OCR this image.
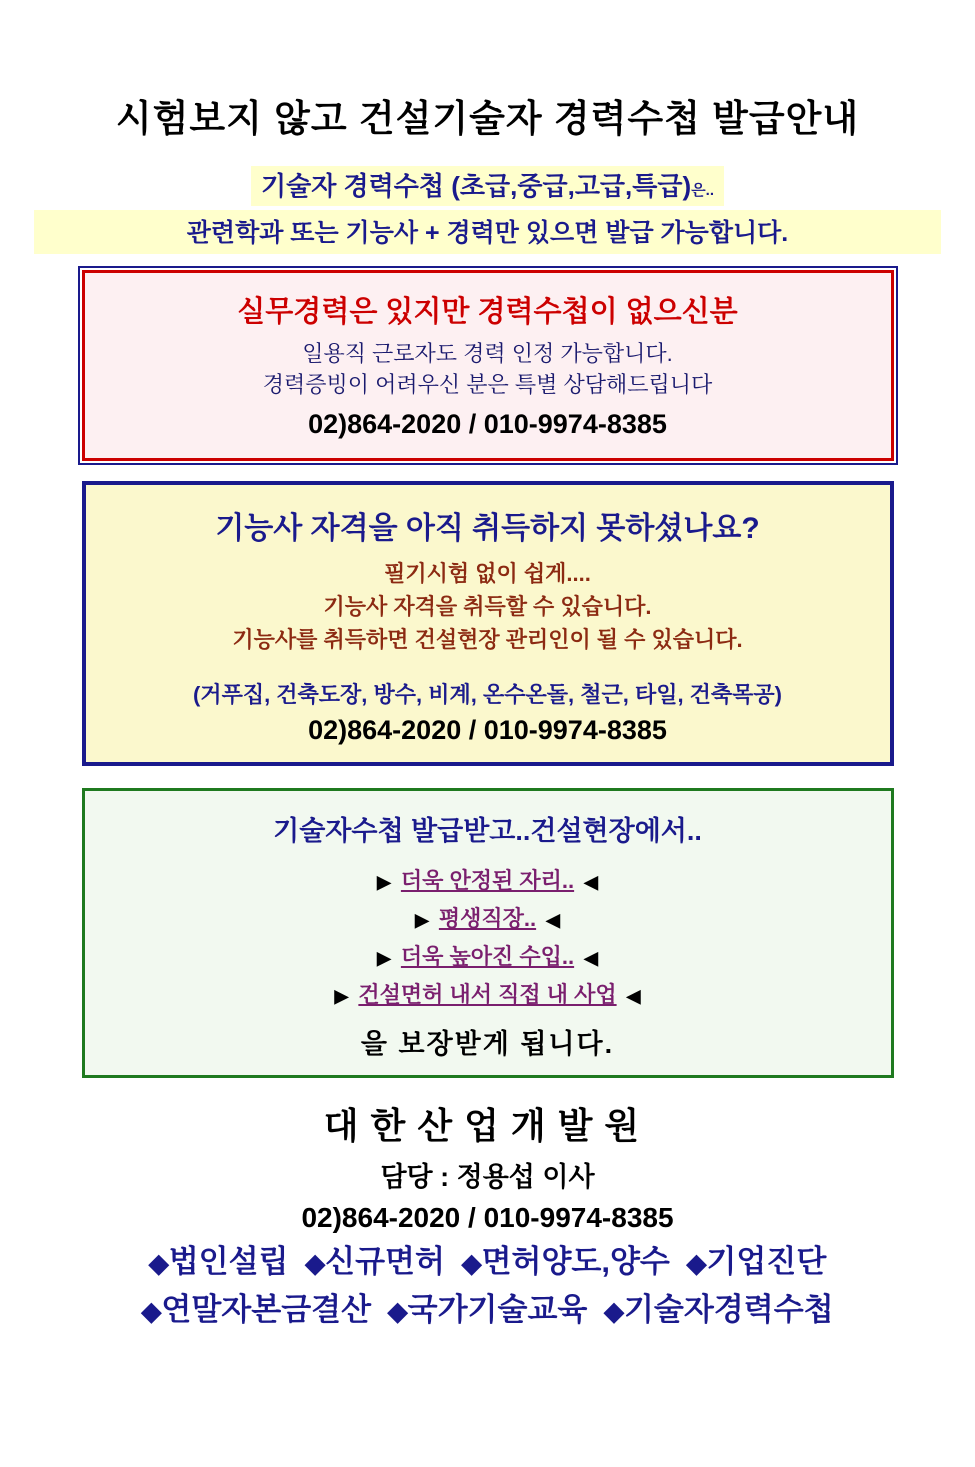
시험보지 않고 건설기술자 경력수첩 발급안내
기술자 경력수첩 (초급,중급,고급,특급)은..
관련학과 또는 기능사 + 경력만 있으면 발급 가능합니다.
실무경력은 있지만 경력수첩이 없으신분
일용직 근로자도 경력 인정 가능합니다.
경력증빙이 어려우신 분은 특별 상담해드립니다
02)864-2020 / 010-9974-8385
기능사 자격을 아직 취득하지 못하셨나요?
필기시험 없이 쉽게....
기능사 자격을 취득할 수 있습니다.
기능사를 취득하면 건설현장 관리인이 될 수 있습니다.
(거푸집, 건축도장, 방수, 비계, 온수온돌, 철근, 타일, 건축목공)
02)864-2020 / 010-9974-8385
기술자수첩 발급받고..건설현장에서..
▶ 더욱 안정된 자리.. ◀
▶ 평생직장.. ◀
▶ 더욱 높아진 수입.. ◀
▶ 건설면허 내서 직접 내 사업 ◀
을 보장받게 됩니다.
대한산업개발원
담당 : 정용섭 이사
02)864-2020 / 010-9974-8385
◆법인설립 ◆신규면허 ◆면허양도,양수 ◆기업진단
◆연말자본금결산 ◆국가기술교육 ◆기술자경력수첩
